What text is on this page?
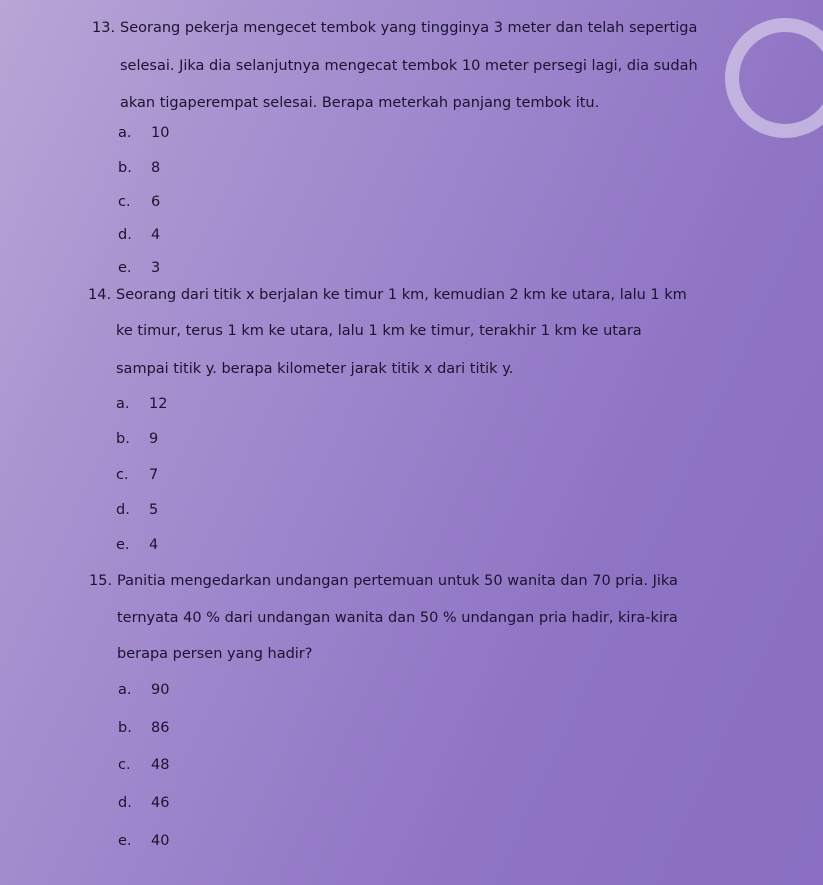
13. Seorang pekerja mengecet tembok yang tingginya 3 meter dan telah sepertiga
selesai. Jika dia selanjutnya mengecat tembok 10 meter persegi lagi, dia sudah
akan tigaperempat selesai. Berapa meterkah panjang tembok itu.
a. 10
b. 8
c. 6
d. 4
e. 3
14. Seorang dari titik x berjalan ke timur 1 km, kemudian 2 km ke utara, lalu 1 km
ke timur, terus 1 km ke utara, lalu 1 km ke timur, terakhir 1 km ke utara
sampai titik y. berapa kilometer jarak titik x dari titik y.
a. 12
b. 9
c. 7
d. 5
e. 4
15. Panitia mengedarkan undangan pertemuan untuk 50 wanita dan 70 pria. Jika
ternyata 40 % dari undangan wanita dan 50 % undangan pria hadir, kira-kira
berapa persen yang hadir?
a. 90
b. 86
c. 48
d. 46
e. 40
